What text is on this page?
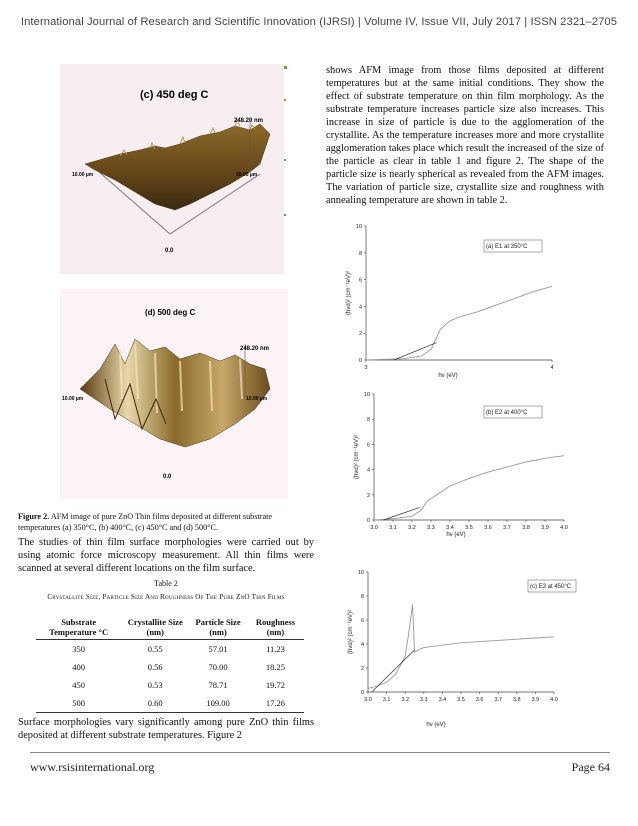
International Journal of Research and Scientific Innovation (IJRSI) | Volume IV, Issue VII, July 2017 | ISSN 2321–2705
(c) 450 deg C
248.20 nm
10.00 µm	10.00 µm
0.0
(d) 500 deg C
248.20 nm
10.00 µm	10.00 µm
0.0
Figure 2. AFM image of pure ZnO Thin films deposited at different substrate temperatures (a) 350°C, (b) 400°C, (c) 450°C and (d) 500°C.
The studies of thin film surface morphologies were carried out by using atomic force microscopy measurement. All thin films were scanned at several different locations on the film surface.
Table 2
Crystallite Size, Particle Size And Roughness Of The Pure ZnO Thin Films
Substrate Temperature °C	Crystallite Size (nm)	Particle Size (nm)	Roughness (nm)
350	0.55	57.01	11.23
400	0.56	70.00	18.25
450	0.53	78.71	19.72
500	0.60	109.00	17.26
Surface morphologies vary significantly among pure ZnO thin films deposited at different substrate temperatures. Figure 2
shows AFM image from those films deposited at different temperatures but at the same initial conditions. They show the effect of substrate temperature on thin film morphology. As the substrate temperature increases particle size also increases. This increase in size of particle is due to the agglomeration of the crystallite. As the temperature increases more and more crystallite agglomeration takes place which result the increased of the size of the particle as clear in table 1 and figure 2. The shape of the particle size is nearly spherical as revealed from the AFM images. The variation of particle size, crystallite size and roughness with annealing temperature are shown in table 2.
0
2
4
6
8
10
3	4
(a) E1 at 350°C
hν (eV)
(hνα)² (cm⁻¹eV)²
0
2
4
6
8
10
3.0 3.1 3.2 3.3 3.4 3.5 3.6 3.7 3.8 3.9 4.0
(b) E2 at 400°C
hν (eV)
(hνα)² (cm⁻¹eV)²
0
2
4
6
8
10
3.0 3.1 3.2 3.3 3.4 3.5 3.6 3.7 3.8 3.9 4.0
(c) E3 at 450°C
hν (eV)
(hνα)² (cm⁻¹eV)²
www.rsisinternational.org	Page 64
